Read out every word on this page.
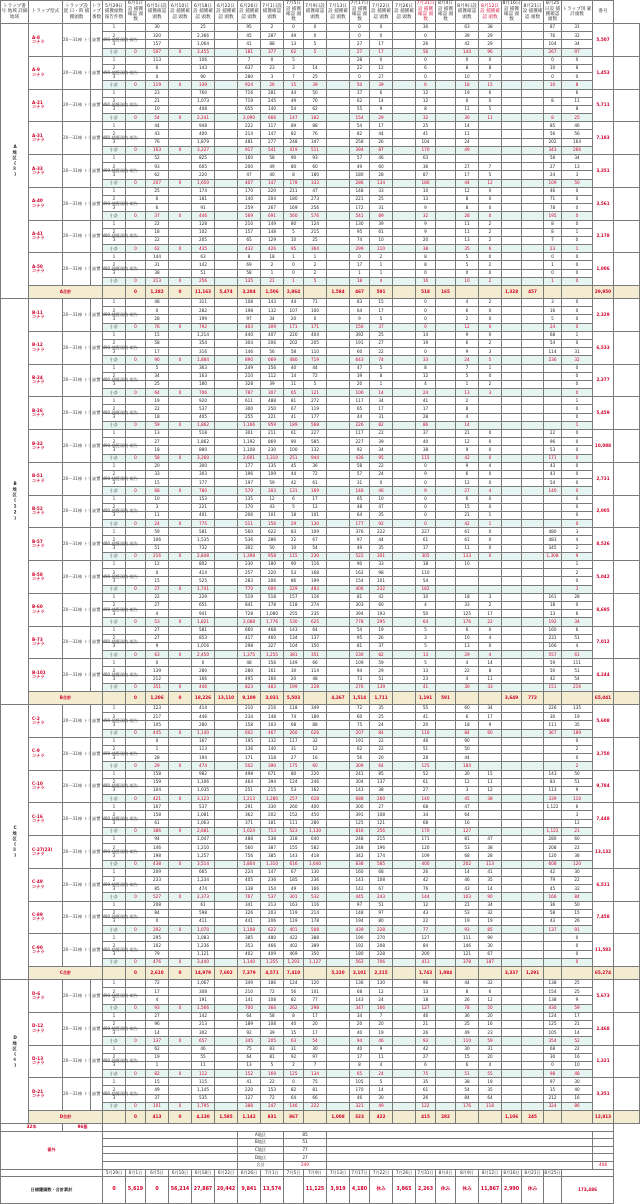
トラップ番号 地域 詳細地域	トラップ型式	トラップ設置 日・時 捕獲頭数	トラップ 番数	5月29日 捕獲頭数 報告件数	6月1日設 捕獲確認 頭数	6月5日設 捕獲確認 頭数	6月10日設 捕獲確認 頭数	6月18日設 捕獲確認 頭数	6月22日設 捕獲確認 頭数	6月26日設 捕獲確認 頭数	7月1日設 捕獲確認 頭数	7月5日設 捕獲確認 頭数	7月9日設 捕獲確認 頭数	7月13日設 捕獲確認 頭数	7月17日設 捕獲確認 頭数	7月22日設 捕獲確認 頭数	7月26日設 捕獲確認 頭数	7月31日設 捕獲確認 頭数	8月4日設 捕獲確認 頭数	8月9日設 捕獲確認 頭数	8月12日設 捕獲確認 頭数	8月16日設 捕獲確認 頭数	8月21日設 捕獲確認 頭数	8月25日設 捕獲確認 頭数	トラップ別 累計頭数	番号	
A地区(８)	A-8
コナラ	20～31棟 トラップ	設置 N90 捕獲頭数 報告	1		30		25		95	2	0	0		0	0		30		63	38			87	31	5,507	
				2		320		2,366		45	287	49	0		0	0		0		39	29			76	32		
				3		157		1,064		41	88	13	5		27	17		26		42	29			104	34		
				小計	0	507	0	3,455		181	377	62	5		27	17		56		144	96			267	97		
	A-9
コナラ	20～31棟 トラップ	設置 N90 捕獲頭数 報告	1		113		106		7	0	5			28	0		0		0	0			0	0	1,453	
				2		6		143		637	23	3	14		22	12		6		8	8			10	8		
				3		0		90		280	3	7	25		0	27		0		10	7			0	0		
				小計	0	119	0	339		924	26	15	39		50	39		6		18	15			10	8		
	A-21
コナラ	20～31棟 トラップ	設置 N90 捕獲頭数 報告	1		23		760		716	281	44	50		37	6		12		19	6				6	5,711	
				2		21		1,073		719	245	49	70		62	14		12		0	0			8	11		
				3		10		408		655	140	54	62		55	9		8		11	5				8		
				小計	0	54	0	2,241		2,090	666	147	182		154	29		32		30	11			8	25		
	A-31
コナラ	20～31棟 トラップ	設置 N90 捕獲頭数 報告	1		44		948		222	117	89	88		54	17		25		14				85	46	7,183	
				2		43		400		214	147	82	76		82	44		41		11				56	56		
				3		76		1,879		481	277	248	347		258	26		104		24				202	164		
				小計	0	163	0	3,227		917	541	419	511		394	87		170		49				343	266		
	A-33
コナラ	20～31棟 トラップ	設置 N90 捕獲頭数 報告	1		52		825		160	58	90	93		57	46		63						58	34	3,351	
				2		93		605		200	49	80	60		49	60		36		27	7			27	13		
				3		62		220		47	40	8	180		180	28		87		17	5			24	3		
				小計	0	207	0	1,650		407	147	178	333		286	134		186		44	12			109	50		
	A-40
コナラ	20～31棟 トラップ	設置 N90 捕獲頭数 報告	1		25		174		170	220	211	47		148	33		10		12	0			46	0	3,561	
				2		6		181		140	204	180	273		221	25		13		8	0			71	0		
				3		6		91		259	267	169	256		172	31		9		8	0			78	0		
				小計	0	37	0	446		569	691	560	576		541	89		32		28	0			195	0		
	A-41
コナラ	20～31棟 トラップ	設置 N90 捕獲頭数 報告	1		22		128		210	149	80	124		130	39		9		11	2			8	0	2,178	
				2		18		102		157	148	5	215		95	61		9		11	2			8	1		
				3		22		205		65	129	10	25		74	10		20		13	2			7	0		
				小計	0	62	0	435		432	426	95	364		299	110		38		35	6			23	1		
	A-50
コナラ	20～31棟 トラップ	設置 N90 捕獲頭数 報告	1		144		63		8	18	1	1		0	2		8		5	0			0	0	1,006	
				2		31		142		69	2	0	2		17	1		8		5	2			1	0		
				3		38		51		58	1	0	2		1	1		0		0	0			0	0		
				小計	0	213	0	256		135	21	1	5		18	4		16		10	2			1	0		
	A合計				0	1,282	0	11,163	5,474	3,284	1,506	2,864		1,584	467	591		518	165			1,328	457			29,950	
B地区(12)	B-11
コナラ	20～31棟 トラップ	設置 N90 捕獲頭数 報告	1		48		311		108	143	44	71		83	15		0		4	2			3	0	2,329	
				2		0		282		198	132	107	100		64	17		0		6	0			16	0		
				3		28		199		97	34	20	0		9	5		0		2	0			5	0		
				小計	0	76	0	792		403	309	171	171		156	37		0		12	0			24	0		
	B-12
コナラ	20～31棟 トラップ	設置 N90 捕獲頭数 報告	1		15		1,214		440	407	220	404		392	25		14		9	0			68	1	6,533	
				2		58		354		304	206	202	205		191	27		19		6	2			54	0		
				3		17		316		146	56	58	110		60	22		0		9	3			114	31		
				小計	0	90	0	1,884		890	669	480	719		643	74		33		24	5			236	32		
	B-24
コナラ	20～31棟 トラップ	設置 N90 捕獲頭数 報告	1		5		363		249	156	40	44		47	5		8		7	1				0	2,377	
				2		34		163		210	112	14	72		39	8		12		5	0				0		
				3		25		180		328	39	11	5		20	1		4		1	2				0		
				小計	0	64	0	706		787	307	65	121		106	14		24		13	3				0		
	B-26
コナラ	20～31棟 トラップ	設置 N90 捕獲頭数 報告	1		19		920		611	488	81	272		117	34		41		2					1	5,459	
				2		22		537		300	250	67	119		65	17		17		8					0		
				3		18		405		255	221	41	177		44	31		28		4					0		
				小計	0	59	0	1,862		1,166	959	189	568		226	82		86		14					1		
	B-32
コナラ	20～31棟 トラップ	設置 N90 捕獲頭数 報告	1		13		518		301	211	61	227		117	22		37		21	0			22	0	10,088	
				2		27		1,862		1,192	869	90	585		227	39		40		12	0			96	0		
				3		18		880		1,108	230	100	132		92	34		38		9	0			53	0		
				小計	0	58	0	3,260		2,601	1,310	251	944		436	95		115		42	0			171	0		
	B-51
コナラ	20～31棟 トラップ	設置 N90 捕獲頭数 報告	1		20		300		177	135	45	36		58	22		0		9	4			43	0	2,731	
				2		33		303		196	109	44	72		57	24		9		6	0			43	0		
				3		15		177		197	59	42	61		31	0		0		12	0			54	0		
				小計	0	68	0	780		570	303	131	169		146	46		9		27	4			140	0		
	B-52
コナラ	20～31棟 トラップ	設置 N90 捕獲頭数 報告	1		10		153		135	12	6	17		65	10		0		6	0				0	2,005	
				2		3		221		170	43	5	12		48	47		0		15	0				0		
				3		11		401		206	101	18	101		64	35		0		21	1				0		
				小計	0	24	0	775		511	156	29	130		177	92		0		42	1				0		
	B-57
コナラ	20～31棟 トラップ	設置 N90 捕獲頭数 報告	1		59		581		560	622	83	109		376	222		227		61	0			480	3	8,526	
				2		106		1,535		536	286	22	67		97	44		61		61	0			483	4		
				3		51		732		302	50	10	54		49	35		17		11	0			345	2		
				小計	0	216	0	2,848		1,398	958	115	230		522	301		305		133	0			1,308	9		
	B-58
コナラ	20～31棟 トラップ	設置 N90 捕獲頭数 報告	1		12		802		230	180	90	116		90	33		18		10					1	5,042	
				2		0		414		257	220	53	168		162	98		110							2		
				3		15		525		283	206	86	199		154	101		54							0		
				小計	0	27	0	1,741		770	606	229	483		406	232		182							3		
	B-60
コナラ	20～31棟 トラップ	設置 N90 捕獲頭数 報告	1		22		229		519	518	157	116		81	42		10		18	3			161	28	8,695	
				2		27		651		841	178	118	274		303	60		4		33	2			18	0		
				3		4		941		728	1,080	255	235		394	193		50		125	17			13	6		
				小計	0	53	0	1,821		2,088	1,776	530	625		778	295		64		176	22			192	34		
	B-73
コナラ	20～31棟 トラップ	設置 N90 捕獲頭数 報告	1		27		581		660	468	143	64		54	19		5		6	0			160	6	7,012	
				2		27		853		417	460	134	137		95	26		3		10	4			231	51		
				3		9		1,016		298	327	104	150		81	37		5		13	0			166	4		
				小計	0	63	0	2,450		1,375	1,255	381	351		230	82		13		29	4			557	61		
	B-101
コナラ	20～31棟 トラップ	設置 N90 捕獲頭数 報告	1		0		0		48	156	149	66		109	59		5		4	14			59	111	4,244	
				2		139		280		280	161	30	114		94	29		13		22	8			50	51		
				3		212		166		495	166	20	48		73	51		23		4	11			42	54		
				小計	0	351	0	446		823	483	199	228		276	139		41		30	33			151	216		
	B合計				0	1,206	0	18,226	13,110	9,109	3,031	5,503		4,267	1,514	1,711		1,191	591			3,649	772			65,041	
C地区(８)	C-2
コナラ	20～31棟 トラップ	設置 N90 捕獲頭数 報告	1		123		414		210	216	118	349		72	35		55		60	34			226	135	5,608	
				2		217		446		234	148	74	189		60	25		41		6	17			30	19		
				3		105		280		158	103	68	88		75	24		20		18	9			111	35		
				小計	0	445	0	1,140		602	467	260	626		207	84		116		84	60			367	189		
	C-9
コナラ	20～31棟 トラップ	設置 N90 捕獲頭数 報告	1		0		167		195	132	117	32		191	22		46		90					0	3,750	
				2		1		113		136	140	31	12		62	22		51		50					2		
				3		28		194		171	118	27	16		56	20		28		44					0		
				小計	0	29	0	474		502	390	175	60		309	64		125		184					2		
	C-10
コナラ	20～31棟 トラップ	設置 N90 捕獲頭数 報告	1		158		982		498	671	80	220		241	85		52		30	15			143	50	9,784	
				2		159		1,106		464	394	124	246		304	137		61		12	11			83	51		
				3		104		1,035		251	215	53	162		143	38		27		3	12			113	9		
				小計	0	421	0	3,123		1,213	1,280	257	628		688	260		140		45	38			339	110		
	C-16
コナラ	20～31棟 トラップ	設置 N90 捕獲頭数 報告	1		167		537		291	330	260	400		300	27		68		47				1,122	6	7,448	
				2		158		1,081		362	202	152	450		391	108		34		64					3		
				3		61		1,063		371	181	111	280		125	121		68		16					12		
				小計	0	386	0	2,681		1,024	713	523	1,130		816	256		170		127				1,122	21		
	C-27(23)
コナラ	20～31棟 トラップ	設置 N90 捕獲頭数 報告	1		94		1,047		488	538	318	640		248	215		171		81	47			280	60	13,132	
				2		146		1,210		560	387	155	582		248	196		120		53	38			208	22		
				3		198		1,257		756	385	143	418		342	174		109		68	28			120	38		
				小計	0	438	0	3,514		1,804	1,310	616	1,640		838	585		400		202	113			608	120		
	C-49
コナラ	20～31棟 トラップ	設置 N90 捕獲頭数 報告	1		209		665		224	147	67	130		160	68		26		14	41			42	30	6,511	
				2		233		1,234		405	236	185	236		143	108		42		46	35			79	22		
				3		85		474		138	154	49	166		142	67		76		43	14			45	32		
				小計	0	527	0	2,373		767	537	301	532		445	243		144		103	90			166	84		
	C-89
コナラ	20～31棟 トラップ	設置 N90 捕獲頭数 報告	1		208		61		341	213	163	116		97	51		12		21	34			36	50	7,458	
				2		84		598		326	203	119	214		148	97		43		53	32			58	15		
				3		0		411		441	206	119	178		194	80		22		19	19			43	26		
				小計	0	292	0	1,070		1,108	622	401	508		439	228		77		93	85			137	91		
	C-90
コナラ	20～31棟 トラップ	設置 N90 捕獲頭数 報告	1		295		1,083		385	480	422	388		190	270		127		111	90				0	11,583	
				2		102		1,236		353	466	402	389		192	208		84		146	30				0		
				3		79		1,121		402	409	469	350		180	228		200		121	67				0		
				小計	0	476	0	3,440		1,140	1,355	1,293	1,127		562	706		411		378	187				0		
	C合計				0	2,610	0	14,979	7,602	7,379	4,571	7,410		5,220	3,101	2,215		1,743	1,084			3,337	1,291			65,274	
D地区(４)	D-6
コナラ	20～31棟 トラップ	設置 N90 捕獲頭数 報告	1		72		1,067		349	186	124	120		136	130		96		44	32			138	25	5,673	
				2		17		308		210	72	56	101		68	12		13		8	6			154	25		
				3		4		191		141	108	82	77		143	24		18		26	12			138	9		
				小計	0	93	0	1,566		700	366	262	298		347	166		127		78	50			430	59		
	D-12
コナラ	20～31棟 トラップ	設置 N90 捕獲頭数 報告	1		27		142		64	58	8	17		34	7		46		36	20			124	17	2,468	
				2		96		213		189	108	40	20		20	20		21		25	16			125	21		
				3		14		302		92	39	15	17		40	19		26		49	23			105	14		
				小計	0	137	0	657		345	205	63	54		94	46		93		110	59			354	52		
	D-13
コナラ	20～31棟 トラップ	設置 N90 捕獲頭数 報告	1		62		46		75	83	31	30		40	9		42		30	31			68	22	1,321	
				2		19		55		64	81	92	97		17	11		27		15	20			30	16		
				3		1		11		13	5	2	7		8	4		6		6	4			0	10		
				小計	0	82	0	112		152	169	125	134		65	24		75		51	55			98	48		
	D-21
コナラ	20～31棟 トラップ	設置 N90 捕獲頭数 報告	1		15		115		41	22	0	75		105	5		35		38	19			97	30	3,351	
				2		49		1,145		220	153	82	81		170	14		61		54	35			15	40		
				3		37		535		127	72	64	66		46	30		26		84	64			212	16		
				小計	0	101	0	1,795		388	247	146	222		321	49		122		176	118			324	86		
	D合計				0	413	0	4,130	1,585	1,142	831	867		1,008	323	422		415	282			1,106	245			12,813	
32本		96基																									
番外										A地区		85															
										B地区		51															
										C地区		77															
										D地区		27															
										合計		240														408	
				5月29日	6月1日	6月5日	6月10日	6月18日	6月22日	6月26日	7月1日	7月5日	7月9日	7月13日	7月17日	7月22日	7月26日	7月31日	8月4日	8月9日	8月12日	8月16日	8月21日	8月25日			
日捕獲頭数・合計累計				0	5,619	0	56,214	27,887	20,442	9,841	13,574		11,125	3,919	4,180	休み	3,865	2,263	休み	休み	11,867	2,990	休み		173,486		
